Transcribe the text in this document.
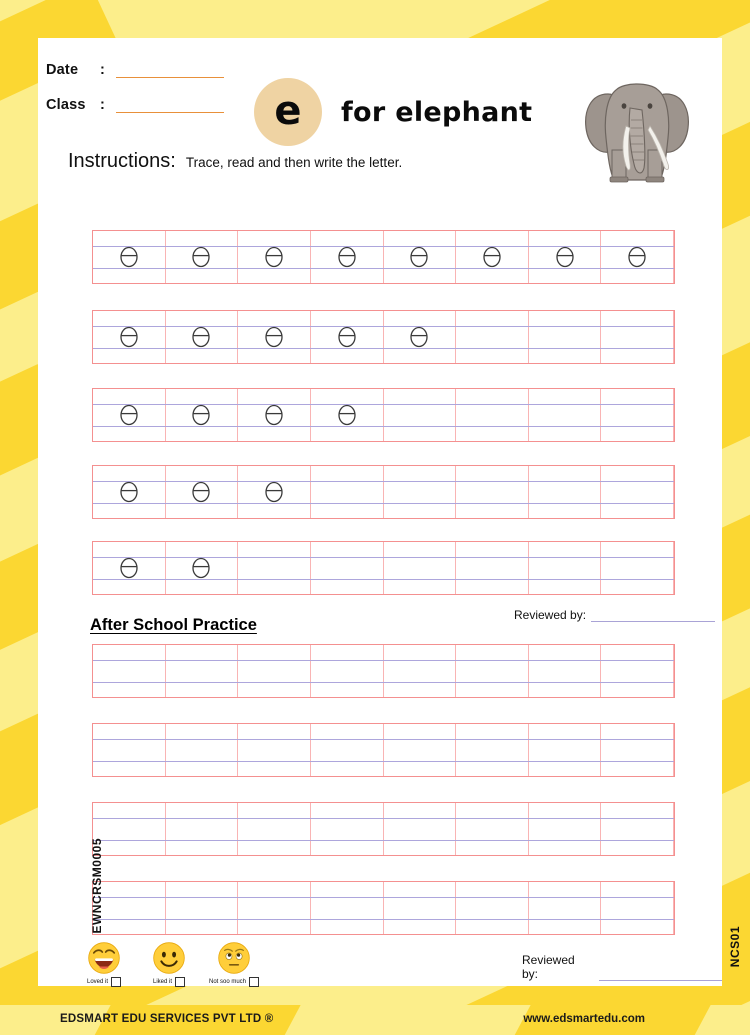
Date	:
Class :	e for elephant
Instructions: Trace, read and then write the letter.
After School Practice
Reviewed by:
Reviewed by:
Loved it	Liked it	Not soo much
EWNCRSM0005
NCS01
EDSMART EDU SERVICES PVT LTD ®	www.edsmartedu.com
